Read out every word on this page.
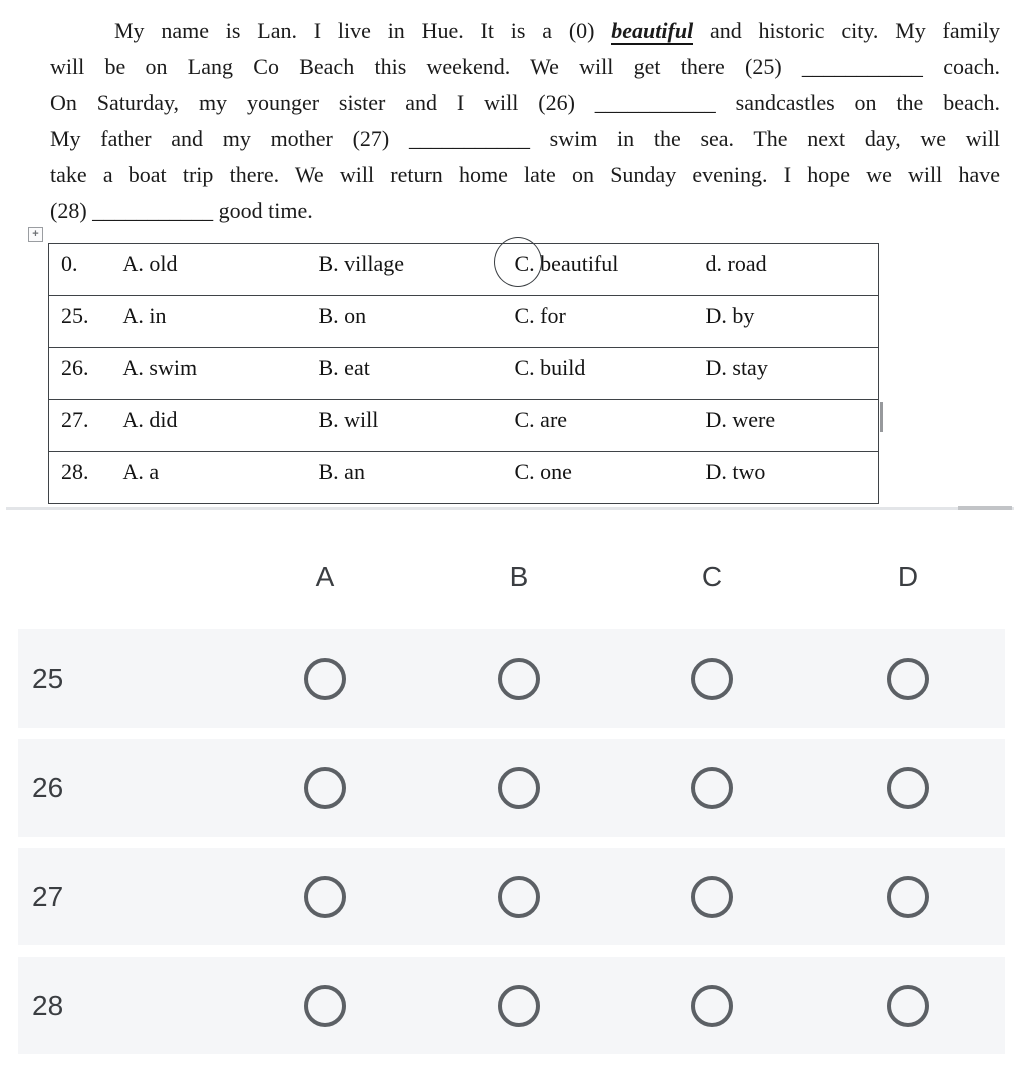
My name is Lan. I live in Hue. It is a (0) beautiful and historic city. My family
will be on Lang Co Beach this weekend. We will get there (25) ___________ coach.
On Saturday, my younger sister and I will (26) ___________ sandcastles on the beach.
My father and my mother (27) ___________ swim in the sea. The next day, we will
take a boat trip there. We will return home late on Sunday evening. I hope we will have
(28) ___________ good time.
+
0.	A. old	B. village	C. beautiful	d. road
25.	A. in	B. on	C. for	D. by
26.	A. swim	B. eat	C. build	D. stay
27.	A. did	B. will	C. are	D. were
28.	A. a	B. an	C. one	D. two
A	B	C	D
25
26
27
28
